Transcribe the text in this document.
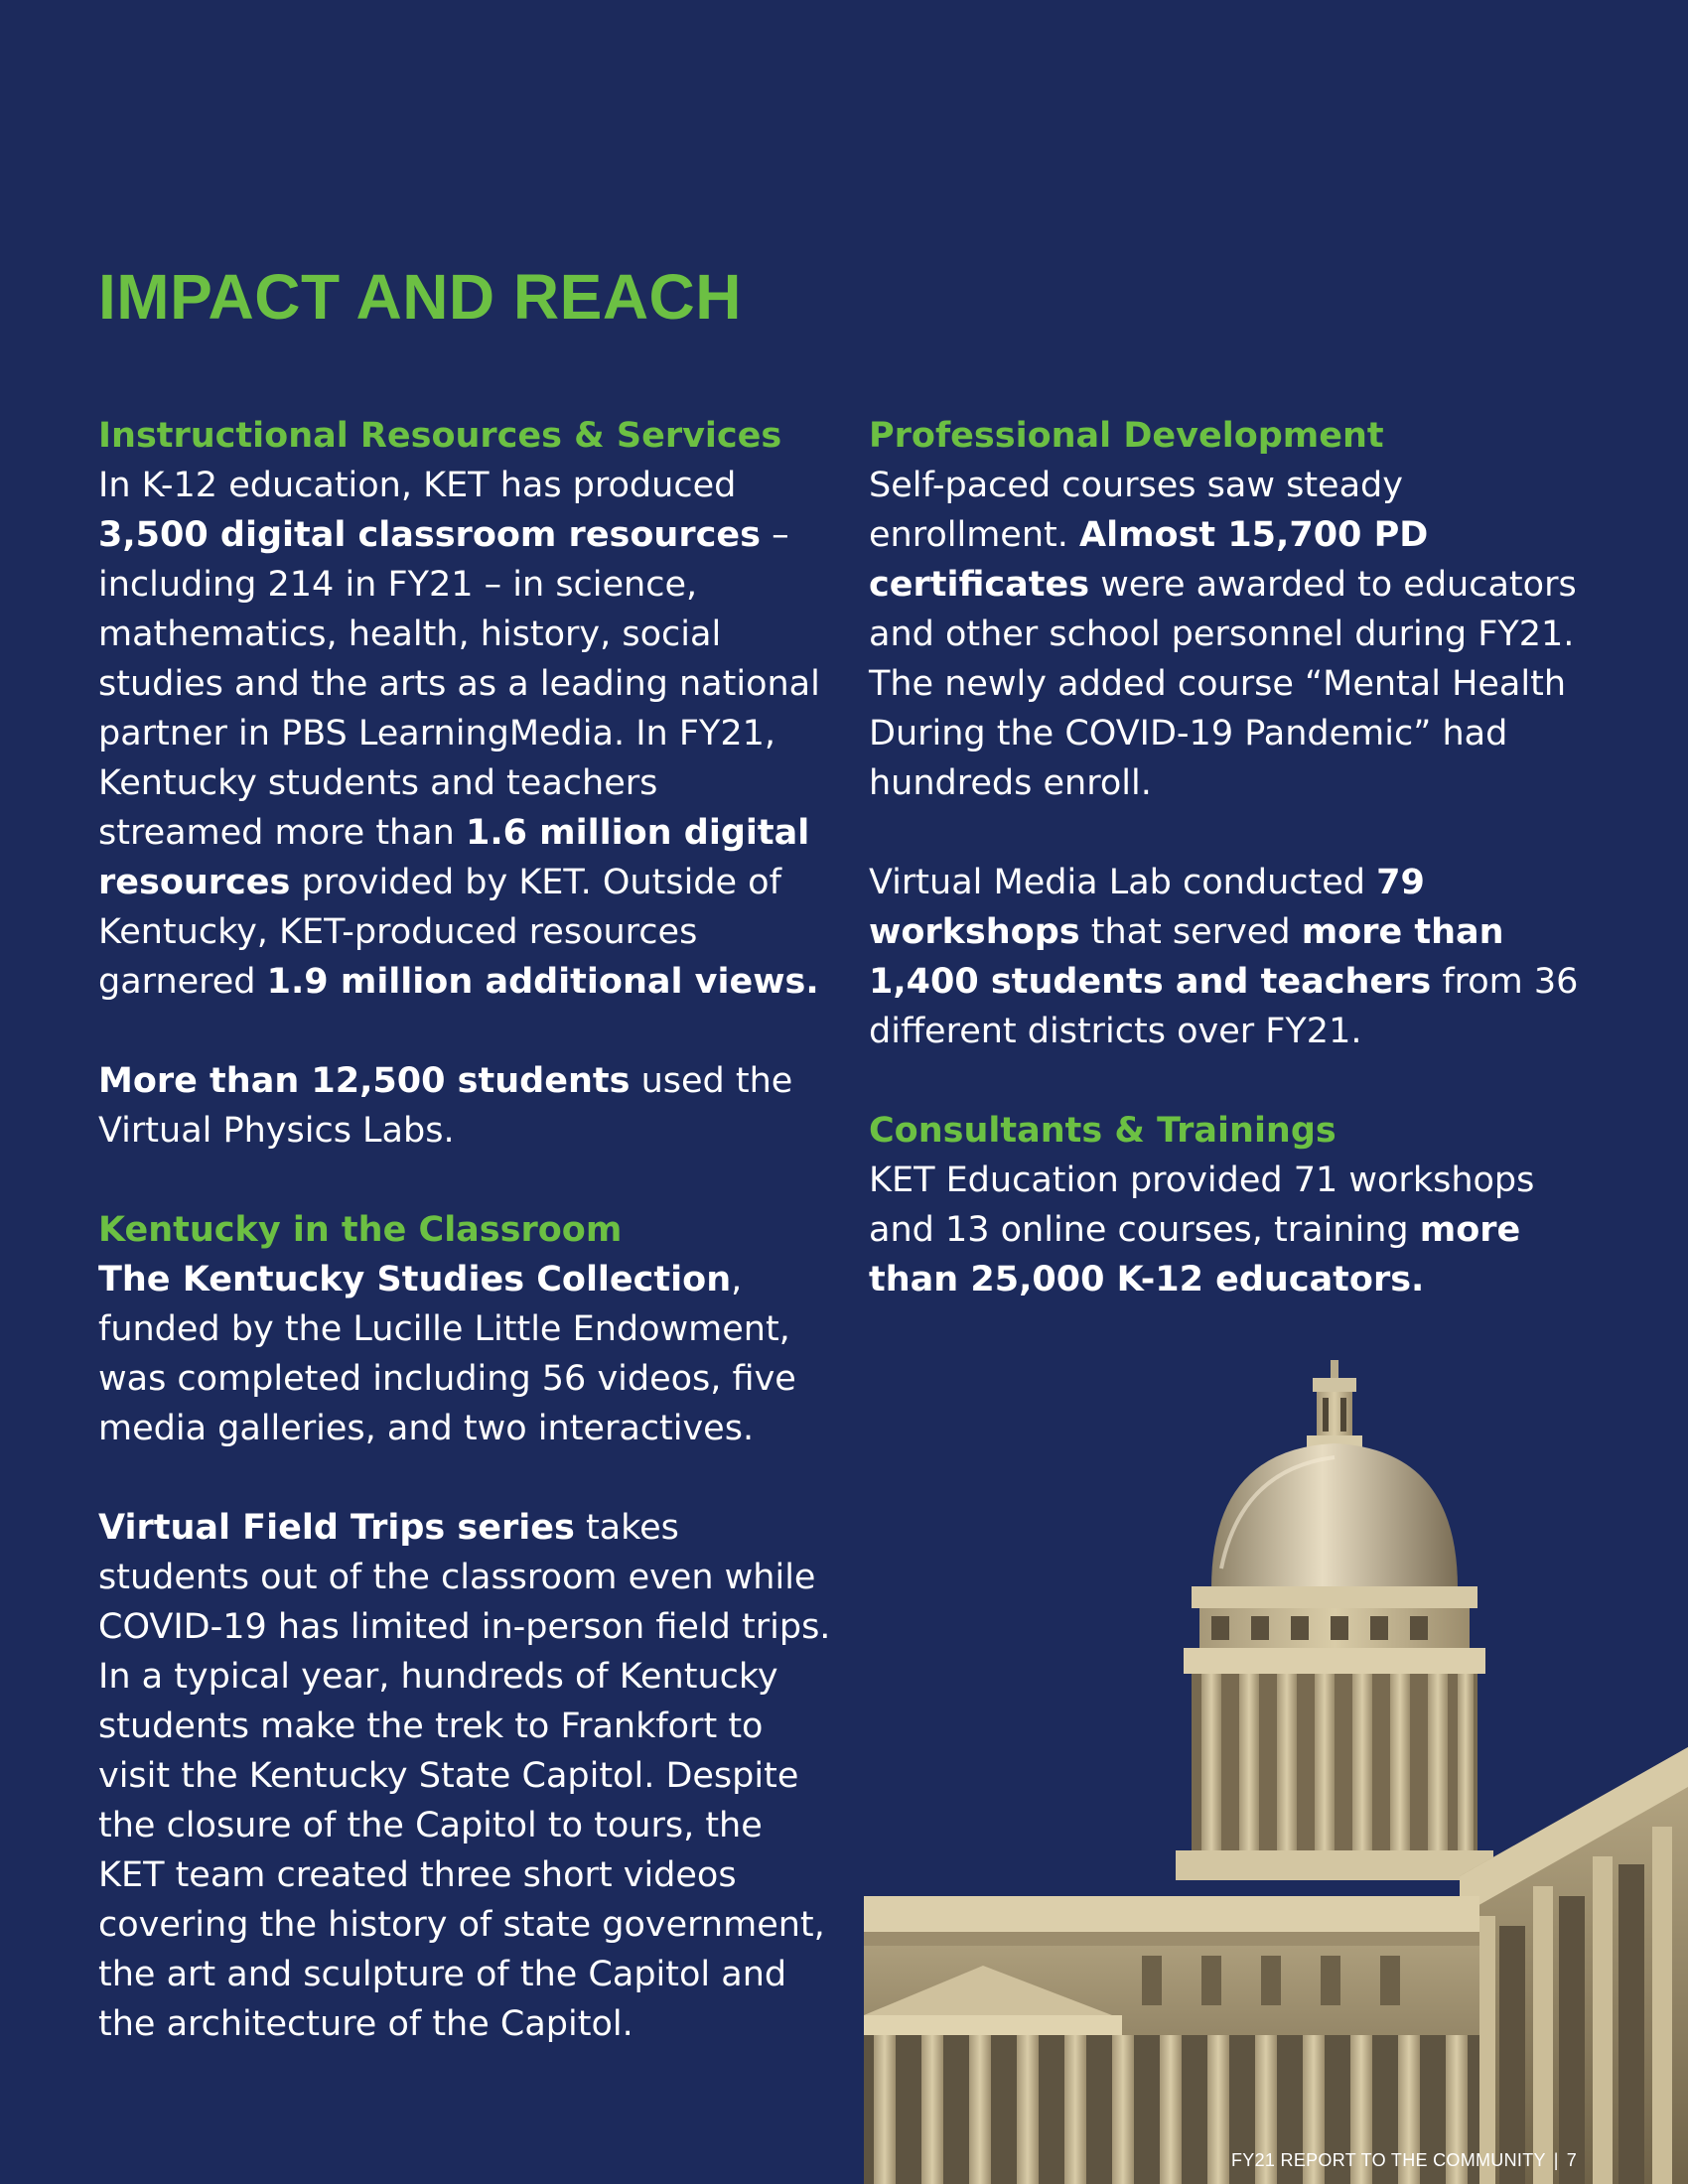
IMPACT AND REACH
Instructional Resources & Services

In K-12 education, KET has produced 3,500 digital classroom resources – including 214 in FY21 – in science, mathematics, health, history, social studies and the arts as a leading national partner in PBS LearningMedia. In FY21, Kentucky students and teachers streamed more than 1.6 million digital resources provided by KET. Outside of Kentucky, KET-produced resources garnered 1.9 million additional views.

More than 12,500 students used the Virtual Physics Labs.

Kentucky in the Classroom

The Kentucky Studies Collection, funded by the Lucille Little Endowment, was completed including 56 videos, five media galleries, and two interactives.

Virtual Field Trips series takes students out of the classroom even while COVID-19 has limited in-person field trips. In a typical year, hundreds of Kentucky students make the trek to Frankfort to visit the Kentucky State Capitol. Despite the closure of the Capitol to tours, the KET team created three short videos covering the history of state government, the art and sculpture of the Capitol and the architecture of the Capitol.

Professional Development

Self-paced courses saw steady enrollment. Almost 15,700 PD certificates were awarded to educators and other school personnel during FY21. The newly added course “Mental Health During the COVID-19 Pandemic” had hundreds enroll.

Virtual Media Lab conducted 79 workshops that served more than 1,400 students and teachers from 36 different districts over FY21.

Consultants & Trainings

KET Education provided 71 workshops and 13 online courses, training more than 25,000 K-12 educators.

FY21 REPORT TO THE COMMUNITY | 7
